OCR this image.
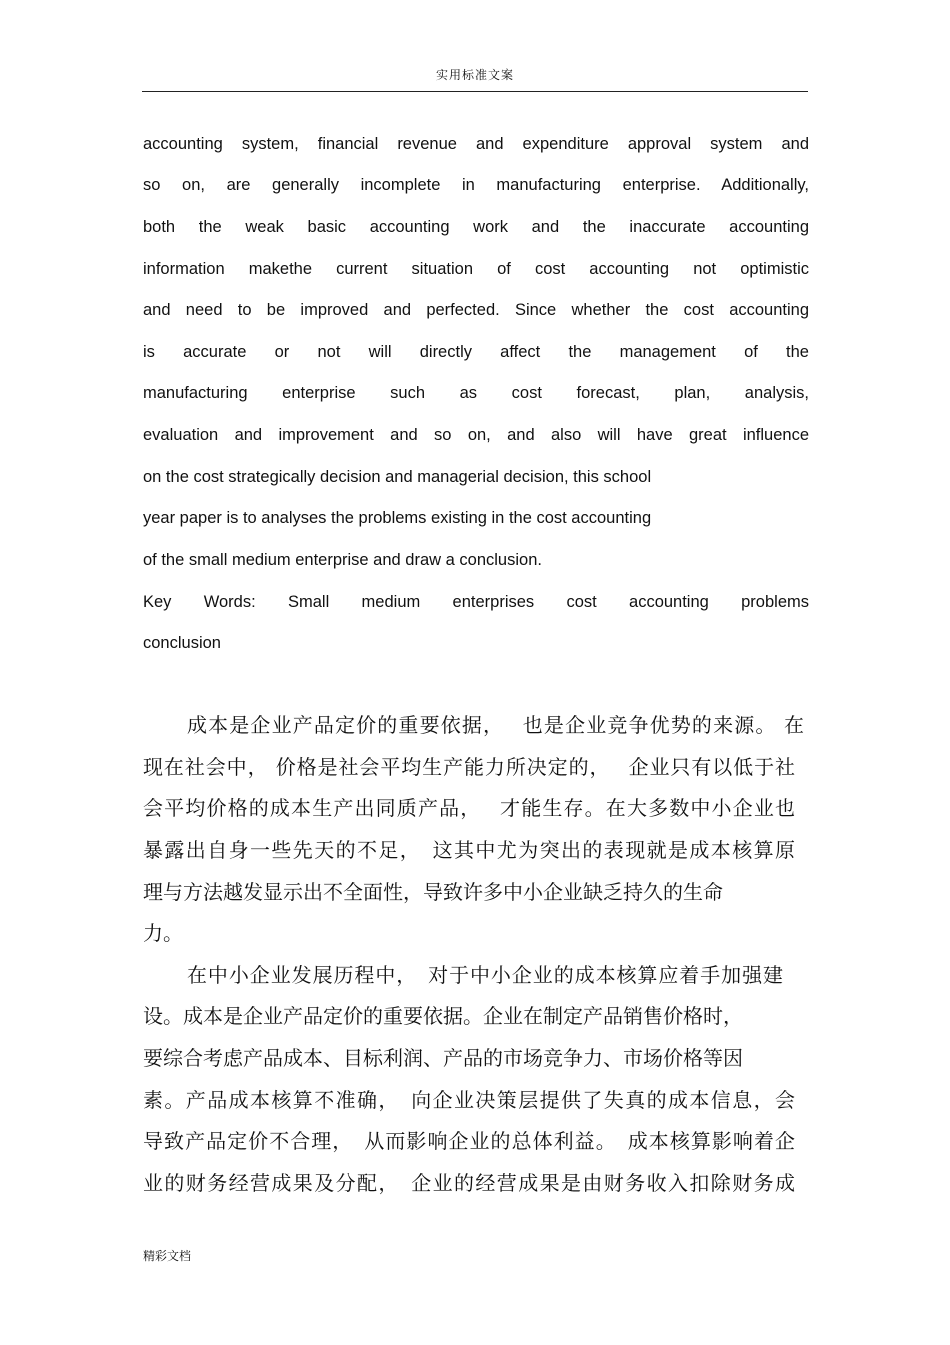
实用标准文案
accounting system, financial revenue and expenditure approval system and
so on, are generally incomplete in manufacturing enterprise. Additionally,
both the weak basic accounting work and the inaccurate accounting
information makethe current situation of cost accounting not optimistic
and need to be improved and perfected. Since whether the cost accounting
is accurate or not will directly affect the management of the
manufacturing enterprise such as cost forecast, plan, analysis,
evaluation and improvement and so on, and also will have great influence
on the cost strategically decision and managerial decision, this school
year paper is to analyses the problems existing in the cost accounting
of the small medium enterprise and draw a conclusion.
Key Words: Small medium enterprises cost accounting problems
conclusion
成本是企业产品定价的重要依据，　 也是企业竞争优势的来源。 在
现在社会中， 价格是社会平均生产能力所决定的，　 企业只有以低于社
会平均价格的成本生产出同质产品，　 才能生存。在大多数中小企业也
暴露出自身一些先天的不足，　这其中尤为突出的表现就是成本核算原
理与方法越发显示出不全面性，导致许多中小企业缺乏持久的生命
力。
在中小企业发展历程中，　对于中小企业的成本核算应着手加强建
设。成本是企业产品定价的重要依据。企业在制定产品销售价格时，
要综合考虑产品成本、目标利润、产品的市场竞争力、市场价格等因
素。产品成本核算不准确，　向企业决策层提供了失真的成本信息，会
导致产品定价不合理，　从而影响企业的总体利益。　成本核算影响着企
业的财务经营成果及分配，　企业的经营成果是由财务收入扣除财务成
精彩文档
